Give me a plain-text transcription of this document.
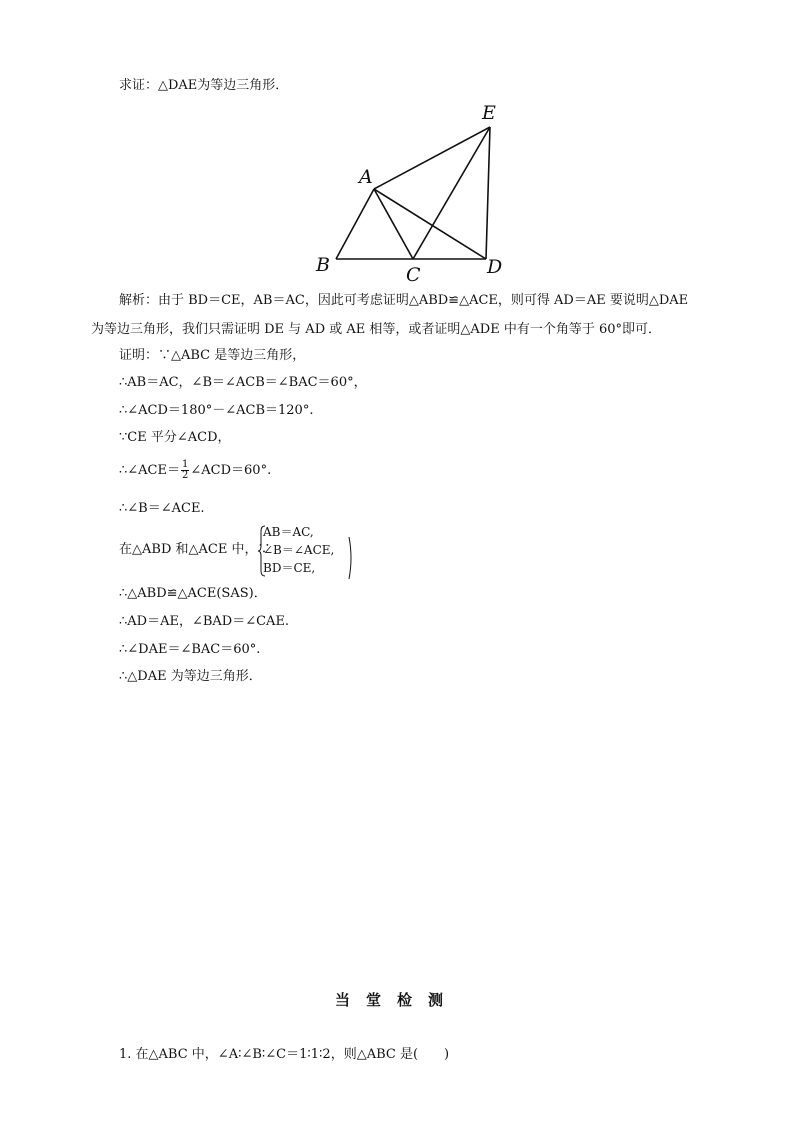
求证：△DAE为等边三角形．
E
A
B	C	D
解析：由于 BD＝CE，AB＝AC，因此可考虑证明△ABD≌△ACE，则可得 AD＝AE 要说明△DAE
为等边三角形，我们只需证明 DE 与 AD 或 AE 相等，或者证明△ADE 中有一个角等于 60°即可．
证明：∵△ABC 是等边三角形，
∴AB＝AC，∠B＝∠ACB＝∠BAC＝60°，
∴∠ACD＝180°－∠ACB＝120°.
∵CE 平分∠ACD，
∴∠ACE＝ $\frac{1}{2}$ ∠ACD＝60°.
∴∠B＝∠ACE.
在△ABD 和△ACE 中，∵
AB＝AC,
∠B＝∠ACE,
BD＝CE,
∴△ABD≌△ACE(SAS)．
∴AD＝AE，∠BAD＝∠CAE.
∴∠DAE＝∠BAC＝60°.
∴△DAE 为等边三角形．
当堂检测
1. 在△ABC 中，∠A∶∠B∶∠C＝1∶1∶2，则△ABC 是(　　)
